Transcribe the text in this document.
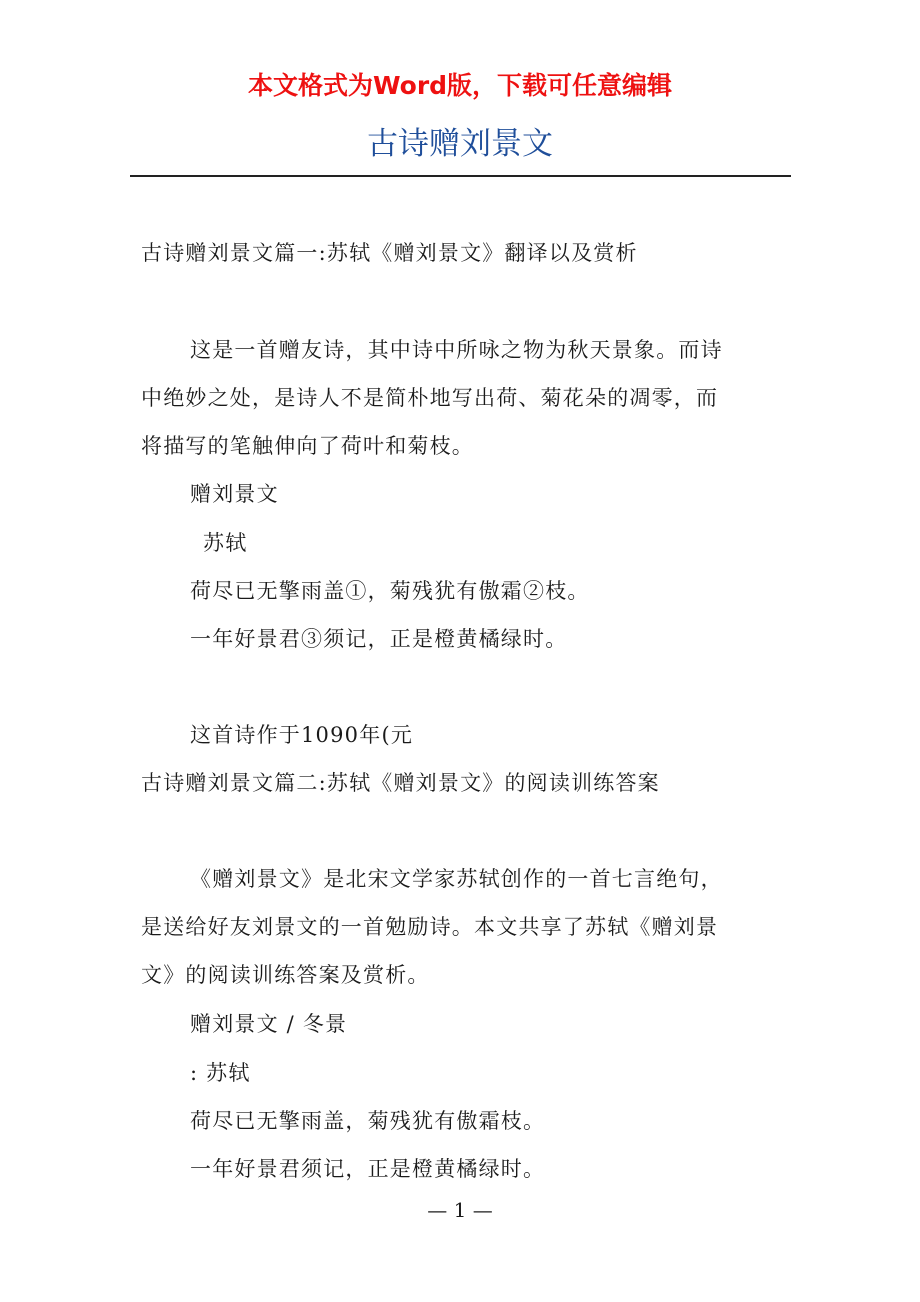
本文格式为Word版，下载可任意编辑
古诗赠刘景文
古诗赠刘景文篇一:苏轼《赠刘景文》翻译以及赏析
这是一首赠友诗，其中诗中所咏之物为秋天景象。而诗
中绝妙之处，是诗人不是简朴地写出荷、菊花朵的凋零，而
将描写的笔触伸向了荷叶和菊枝。
赠刘景文
苏轼
荷尽已无擎雨盖①，菊残犹有傲霜②枝。
一年好景君③须记，正是橙黄橘绿时。
这首诗作于1090年(元
古诗赠刘景文篇二:苏轼《赠刘景文》的阅读训练答案
《赠刘景文》是北宋文学家苏轼创作的一首七言绝句，
是送给好友刘景文的一首勉励诗。本文共享了苏轼《赠刘景
文》的阅读训练答案及赏析。
赠刘景文 / 冬景
: 苏轼
荷尽已无擎雨盖，菊残犹有傲霜枝。
一年好景君须记，正是橙黄橘绿时。
— 1 —
